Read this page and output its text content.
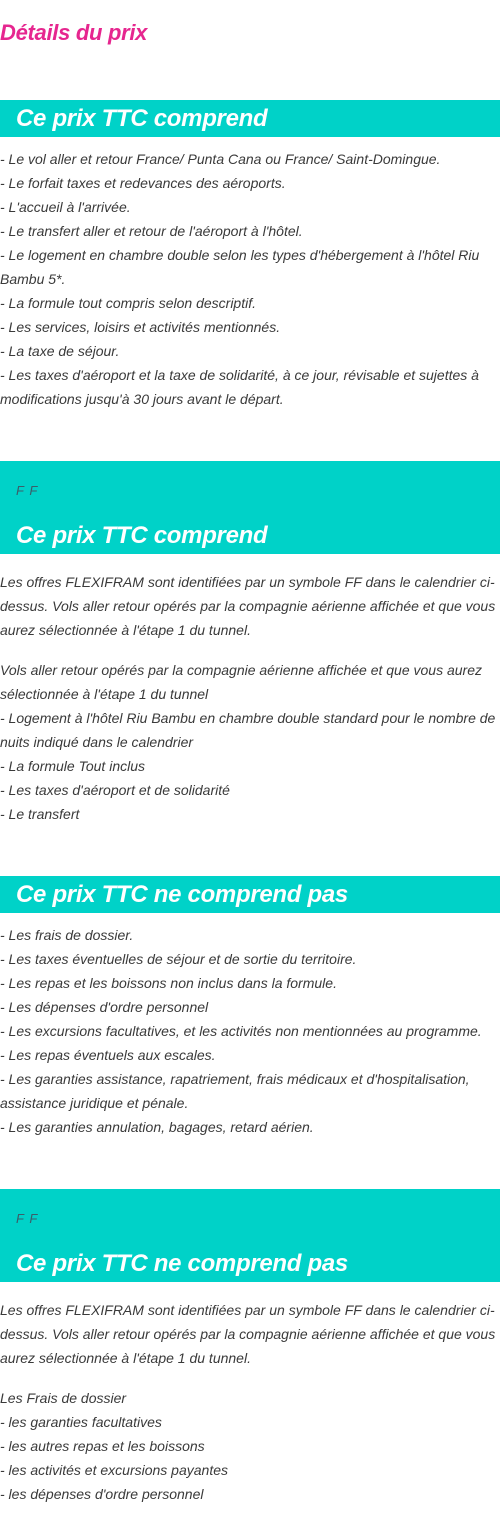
Détails du prix
Ce prix TTC comprend
- Le vol aller et retour France/ Punta Cana ou France/ Saint-Domingue.
- Le forfait taxes et redevances des aéroports.
- L'accueil à l'arrivée.
- Le transfert aller et retour de l'aéroport à l'hôtel.
- Le logement en chambre double selon les types d'hébergement à l'hôtel Riu Bambu 5*.
- La formule tout compris selon descriptif.
- Les services, loisirs et activités mentionnés.
- La taxe de séjour.
- Les taxes d'aéroport et la taxe de solidarité, à ce jour, révisable et sujettes à modifications jusqu'à 30 jours avant le départ.
F F
Ce prix TTC comprend

Les offres FLEXIFRAM sont identifiées par un symbole FF dans le calendrier ci-dessus. Vols aller retour opérés par la compagnie aérienne affichée et que vous aurez sélectionnée à l'étape 1 du tunnel.

Vols aller retour opérés par la compagnie aérienne affichée et que vous aurez sélectionnée à l'étape 1 du tunnel
- Logement à l'hôtel Riu Bambu en chambre double standard pour le nombre de nuits indiqué dans le calendrier
- La formule Tout inclus
- Les taxes d'aéroport et de solidarité
- Le transfert
Ce prix TTC ne comprend pas
- Les frais de dossier.
- Les taxes éventuelles de séjour et de sortie du territoire.
- Les repas et les boissons non inclus dans la formule.
- Les dépenses d'ordre personnel
- Les excursions facultatives, et les activités non mentionnées au programme.
- Les repas éventuels aux escales.
- Les garanties assistance, rapatriement, frais médicaux et d'hospitalisation, assistance juridique et pénale.
- Les garanties annulation, bagages, retard aérien.
F F
Ce prix TTC ne comprend pas

Les offres FLEXIFRAM sont identifiées par un symbole FF dans le calendrier ci-dessus. Vols aller retour opérés par la compagnie aérienne affichée et que vous aurez sélectionnée à l'étape 1 du tunnel.

Les Frais de dossier
- les garanties facultatives
- les autres repas et les boissons
- les activités et excursions payantes
- les dépenses d'ordre personnel
